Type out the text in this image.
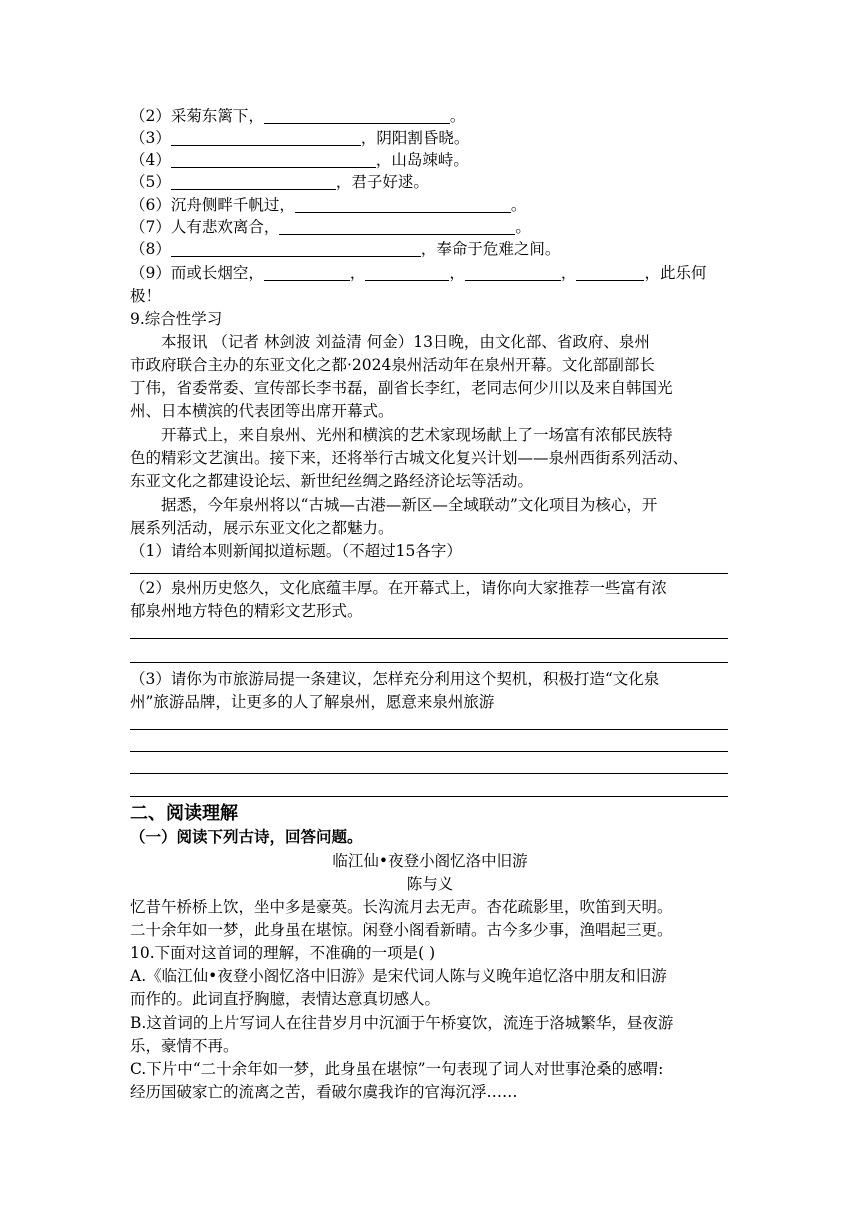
（2）采菊东篱下，	。
（3）	，阴阳割昏晓。
（4）	，山岛竦峙。
（5）	，君子好逑。
（6）沉舟侧畔千帆过，	。
（7）人有悲欢离合，	。
（8）	，奉命于危难之间。
（9）而或长烟空，	，	，	，	，此乐何
极！
9.综合性学习
本报讯 （记者 林剑波 刘益清 何金）13日晚，由文化部、省政府、泉州
市政府联合主办的东亚文化之都·2024泉州活动年在泉州开幕。文化部副部长
丁伟，省委常委、宣传部长李书磊，副省长李红，老同志何少川以及来自韩国光
州、日本横滨的代表团等出席开幕式。
开幕式上，来自泉州、光州和横滨的艺术家现场献上了一场富有浓郁民族特
色的精彩文艺演出。接下来，还将举行古城文化复兴计划——泉州西街系列活动、
东亚文化之都建设论坛、新世纪丝绸之路经济论坛等活动。
据悉，今年泉州将以“古城—古港—新区—全域联动”文化项目为核心，开
展系列活动，展示东亚文化之都魅力。
（1）请给本则新闻拟道标题。（不超过15各字）
（2）泉州历史悠久，文化底蕴丰厚。在开幕式上，请你向大家推荐一些富有浓
郁泉州地方特色的精彩文艺形式。
（3）请你为市旅游局提一条建议，怎样充分利用这个契机，积极打造“文化泉
州”旅游品牌，让更多的人了解泉州，愿意来泉州旅游
二、阅读理解
（一）阅读下列古诗，回答问题。
临江仙•夜登小阁忆洛中旧游
陈与义
忆昔午桥桥上饮，坐中多是豪英。长沟流月去无声。杏花疏影里，吹笛到天明。
二十余年如一梦，此身虽在堪惊。闲登小阁看新晴。古今多少事，渔唱起三更。
10.下面对这首词的理解，不准确的一项是( )
A.《临江仙•夜登小阁忆洛中旧游》是宋代词人陈与义晚年追忆洛中朋友和旧游
而作的。此词直抒胸臆，表情达意真切感人。
B.这首词的上片写词人在往昔岁月中沉湎于午桥宴饮，流连于洛城繁华，昼夜游
乐，豪情不再。
C.下片中“二十余年如一梦，此身虽在堪惊”一句表现了词人对世事沧桑的感喟:
经历国破家亡的流离之苦，看破尔虞我诈的官海沉浮……
